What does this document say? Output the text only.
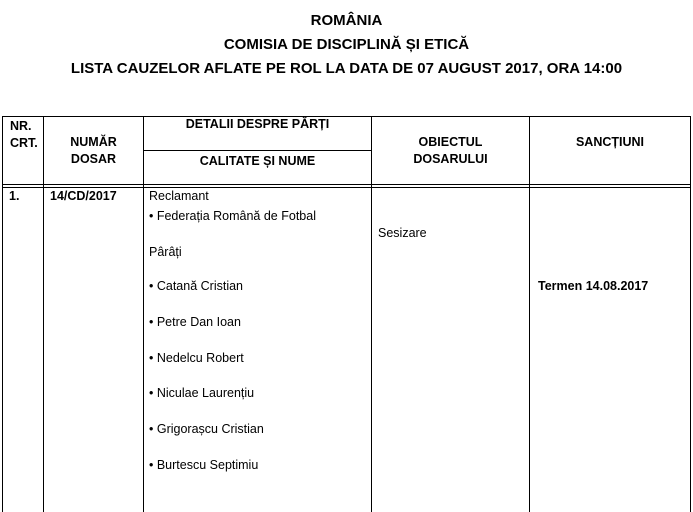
ROMÂNIA
COMISIA DE DISCIPLINĂ ȘI ETICĂ
LISTA CAUZELOR AFLATE PE ROL LA DATA DE 07 AUGUST 2017, ORA 14:00
NR.
CRT.	NUMĂR
DOSAR
DETALII DESPRE PĂRȚI
CALITATE ȘI NUME
OBIECTUL
DOSARULUI
SANCȚIUNI
1. 14/CD/2017	Reclamant
• Federația Română de Fotbal
Pârâți
• Catană Cristian
• Petre Dan Ioan
• Nedelcu Robert
• Niculae Laurențiu
• Grigorașcu Cristian
• Burtescu Septimiu
Sesizare
Termen 14.08.2017
